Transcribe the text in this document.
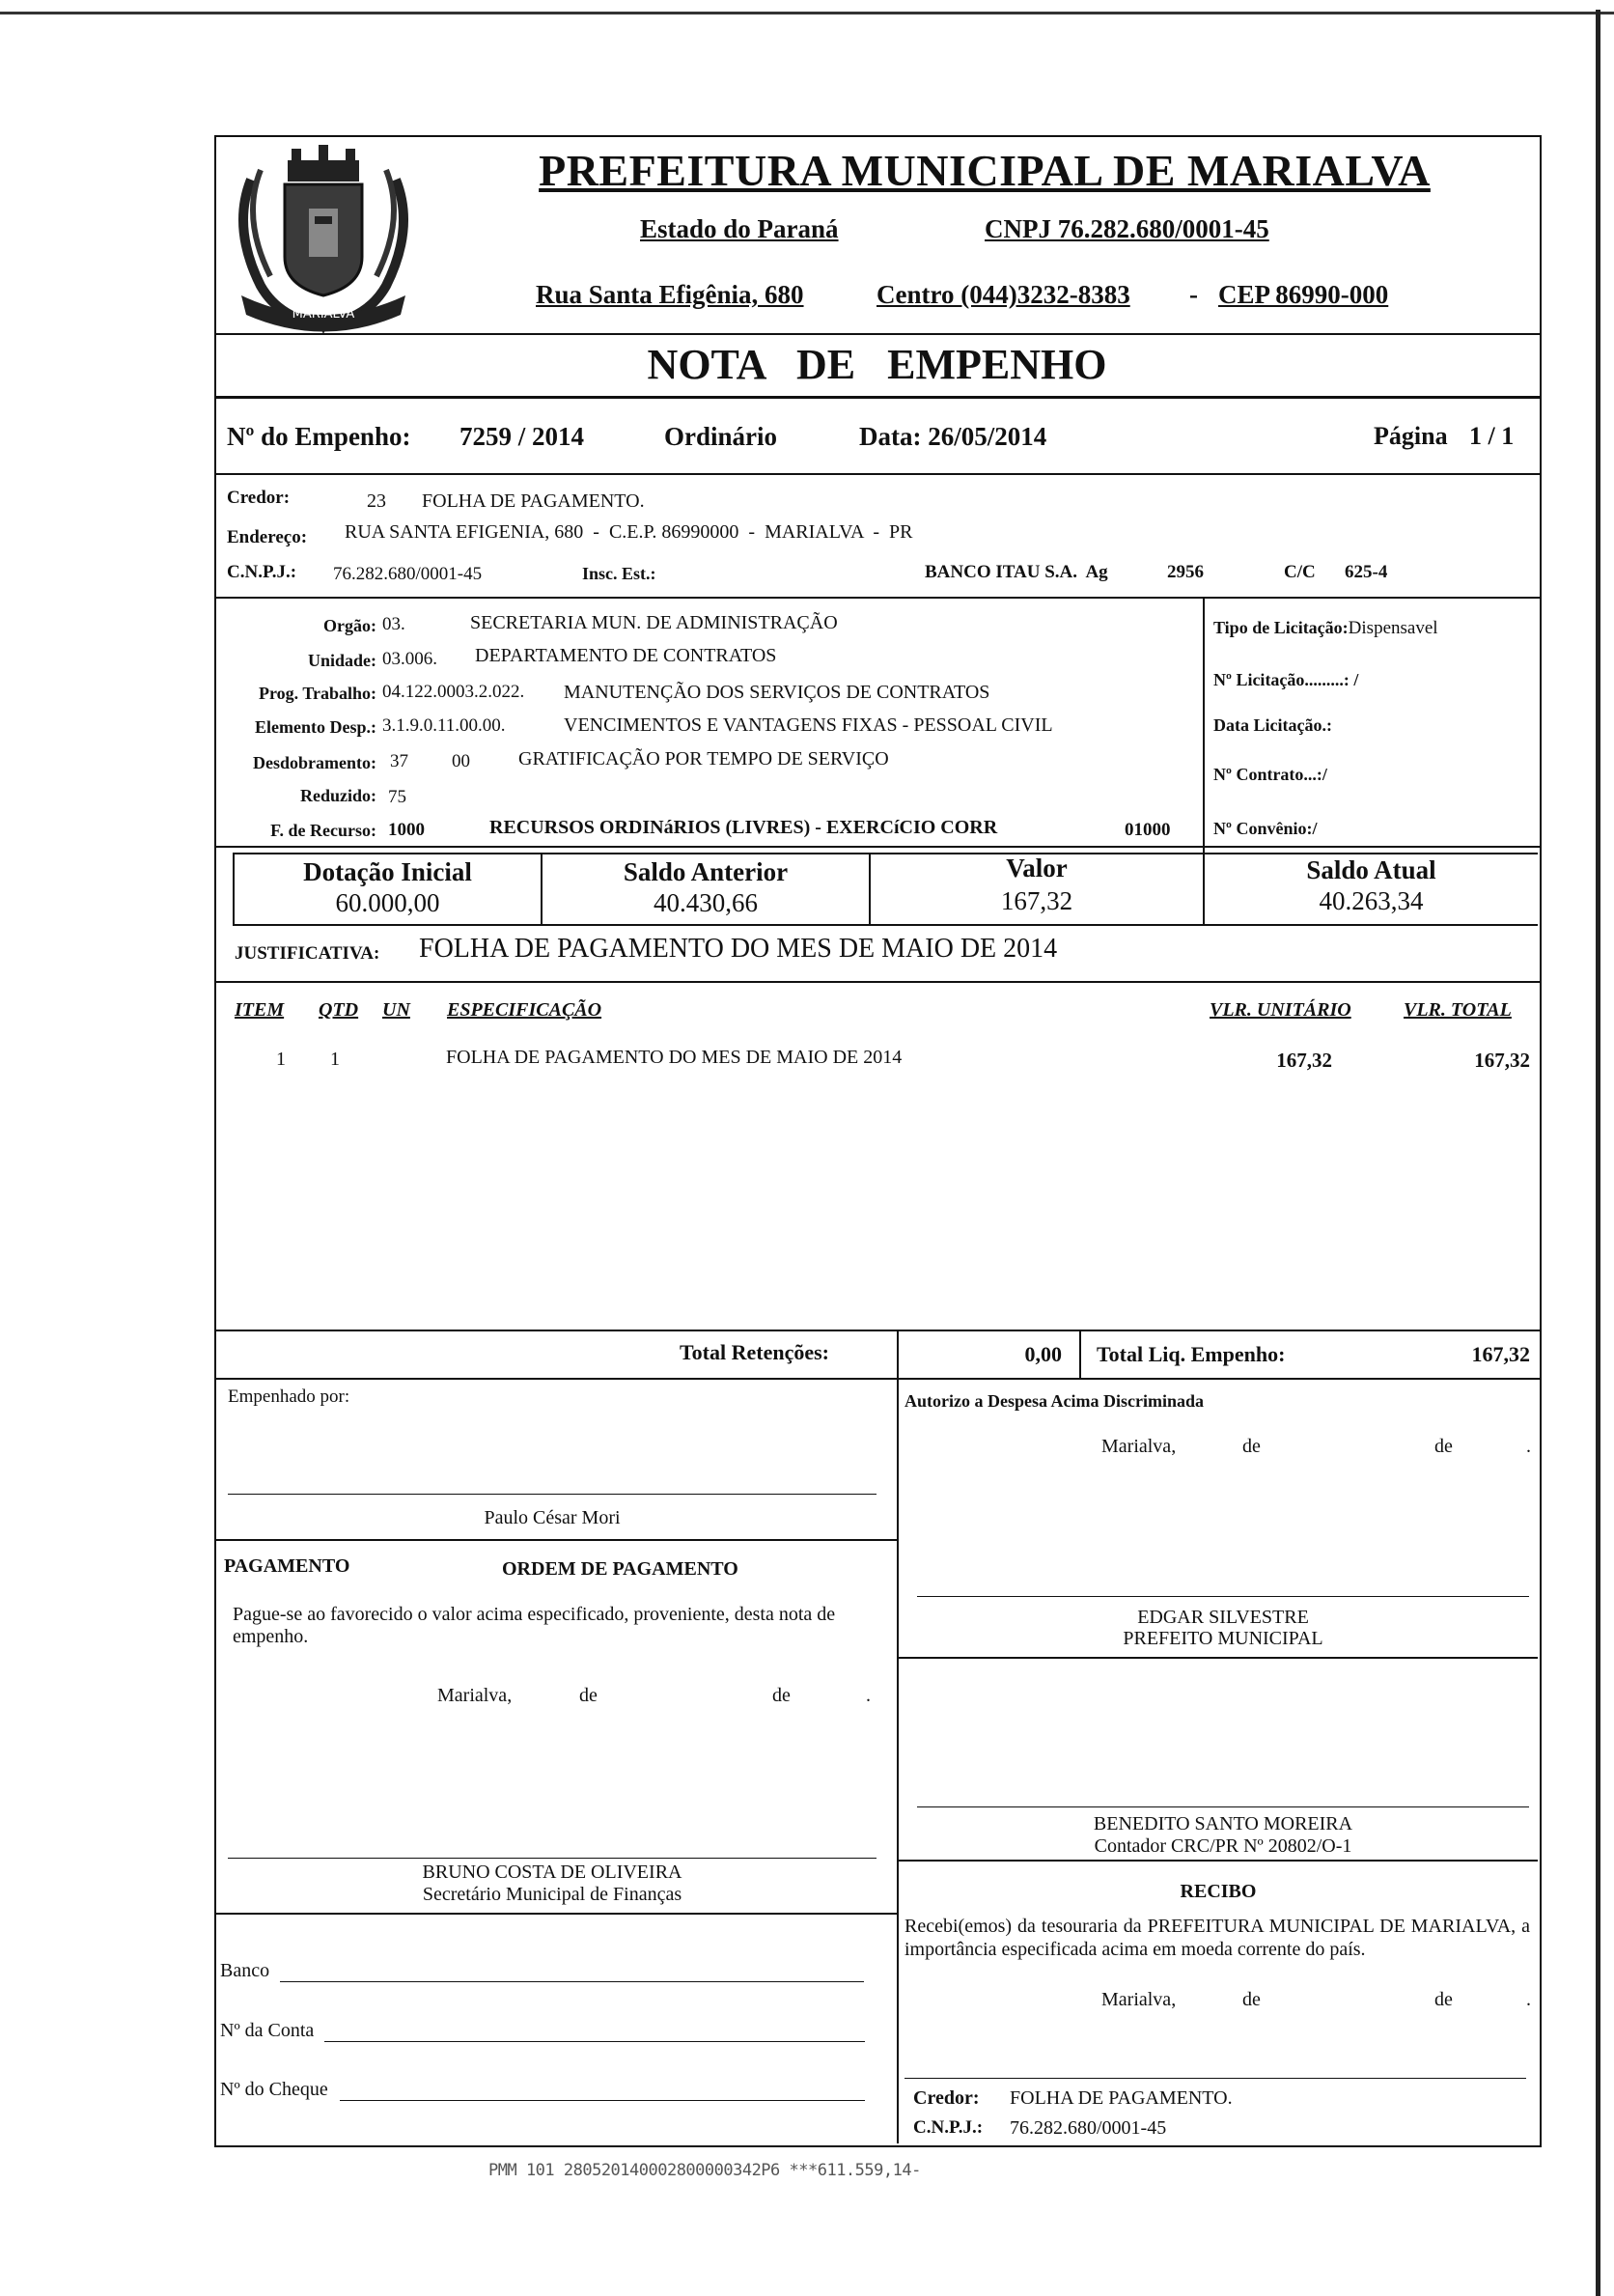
MARIALVA
PREFEITURA MUNICIPAL DE MARIALVA
Estado do Paraná	CNPJ 76.282.680/0001-45
Rua Santa Efigênia, 680	Centro (044)3232-8383 - CEP 86990-000
NOTA   DE   EMPENHO
Nº do Empenho: 7259 / 2014	Ordinário	Data: 26/05/2014	Página 1 / 1
Credor:	23 FOLHA DE PAGAMENTO.
Endereço: RUA SANTA EFIGENIA, 680  -  C.E.P. 86990000  -  MARIALVA  -  PR
C.N.P.J.: 76.282.680/0001-45	Insc. Est.:	BANCO ITAU S.A.  Ag	2956	C/C 625-4
Orgão: 03.	SECRETARIA MUN. DE ADMINISTRAÇÃO
Unidade: 03.006. DEPARTAMENTO DE CONTRATOS
Prog. Trabalho: 04.122.0003.2.022. MANUTENÇÃO DOS SERVIÇOS DE CONTRATOS
Elemento Desp.: 3.1.9.0.11.00.00.	VENCIMENTOS E VANTAGENS FIXAS - PESSOAL CIVIL
Desdobramento: 37 00	GRATIFICAÇÃO POR TEMPO DE SERVIÇO
Reduzido: 75
F. de Recurso: 1000	RECURSOS ORDINáRIOS (LIVRES) - EXERCíCIO CORR	01000
Tipo de Licitação:Dispensavel
Nº Licitação.........: /
Data Licitação.:
Nº Contrato...:/
Nº Convênio:/
Dotação Inicial
60.000,00
Saldo Anterior
40.430,66
Valor
167,32
Saldo Atual
40.263,34
JUSTIFICATIVA: FOLHA DE PAGAMENTO DO MES DE MAIO DE 2014
ITEM QTD UN ESPECIFICAÇÃO	VLR. UNITÁRIO	VLR. TOTAL
1 1	FOLHA DE PAGAMENTO DO MES DE MAIO DE 2014	167,32	167,32
Total Retenções:	0,00 Total Liq. Empenho:	167,32
Empenhado por:
Paulo César Mori
Autorizo a Despesa Acima Discriminada
Marialva,	de	de	.
EDGAR SILVESTRE
PREFEITO MUNICIPAL
PAGAMENTO	ORDEM DE PAGAMENTO
Pague-se ao favorecido o valor acima especificado, proveniente, desta nota de empenho.
Marialva,	de	de	.
BENEDITO SANTO MOREIRA
Contador CRC/PR Nº 20802/O-1
BRUNO COSTA DE OLIVEIRA
Secretário Municipal de Finanças	RECIBO
Recebi(emos) da tesouraria da PREFEITURA MUNICIPAL DE MARIALVA, a importância especificada acima em moeda corrente do país.
Marialva,	de	de	.
Banco
Nº da Conta
Nº do Cheque	Credor: FOLHA DE PAGAMENTO.
C.N.P.J.: 76.282.680/0001-45
PMM 101 280520140002800000342P6 ***611.559,14-
